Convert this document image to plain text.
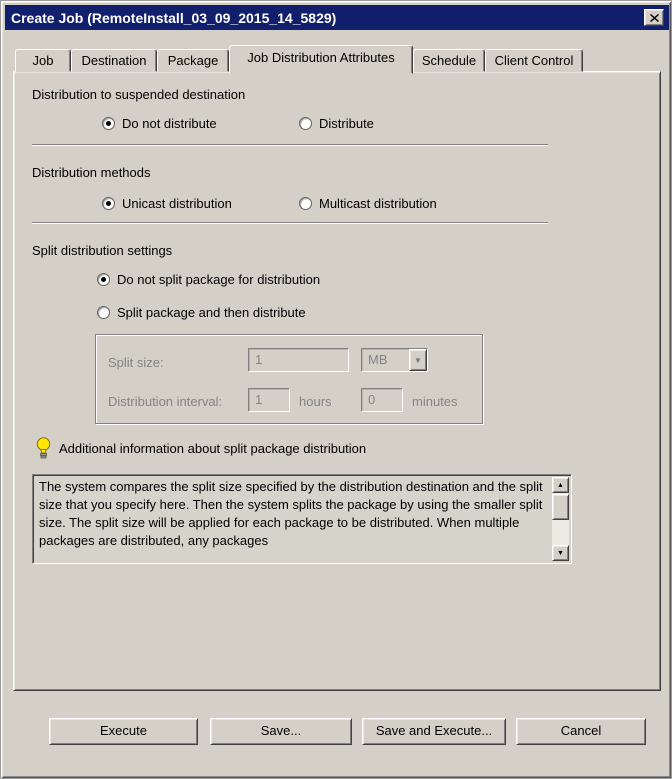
Create Job (RemoteInstall_03_09_2015_14_5829)
Job	Destination	Package	Job Distribution Attributes	Schedule	Client Control
Distribution to suspended destination
Do not distribute	Distribute
Distribution methods
Unicast distribution	Multicast distribution
Split distribution settings
Do not split package for distribution
Split package and then distribute
Split size:	1	MB	▼
Distribution interval:	1	hours	0	minutes
Additional information about split package distribution
The system compares the split size specified by the distribution destination and the split size that you specify here. Then the system splits the package by using the smaller split size. The split size will be applied for each package to be distributed. When multiple packages are distributed, any packages
▲
▼
Execute	Save...	Save and Execute...	Cancel
